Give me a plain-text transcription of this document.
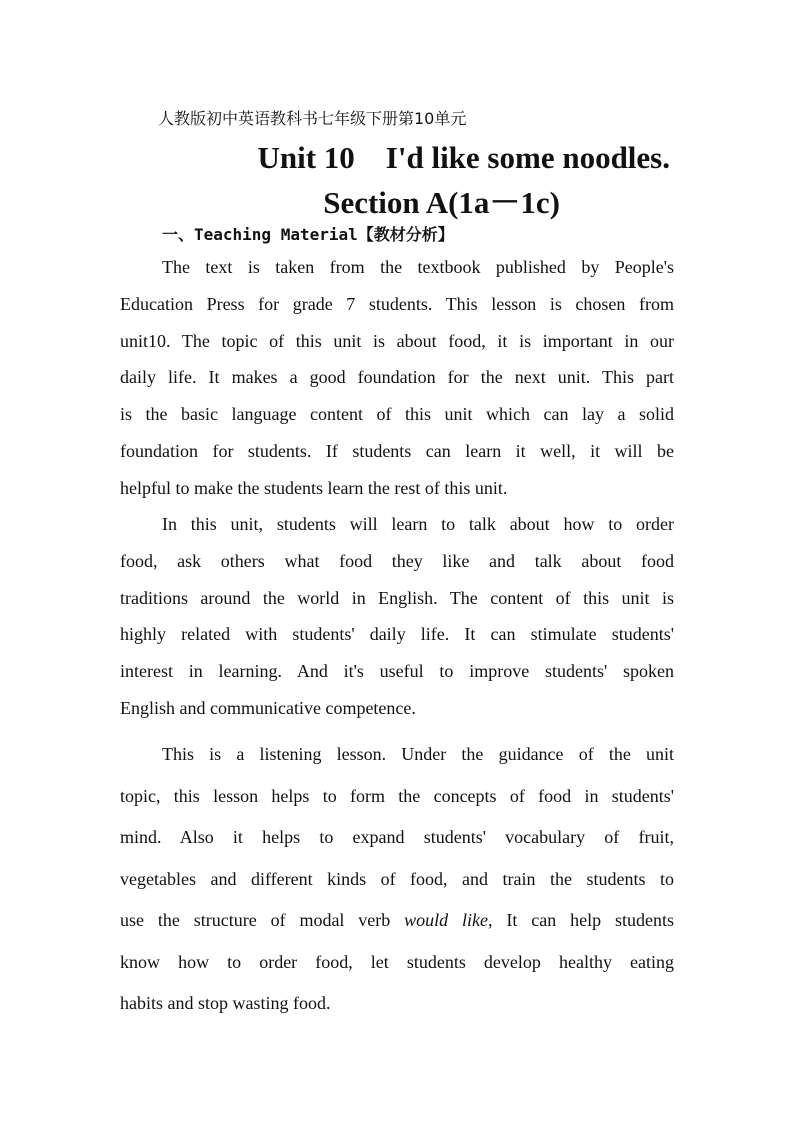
人教版初中英语教科书七年级下册第10单元
Unit 10    I'd like some noodles.
Section A(1a－1c)
一、Teaching Material【教材分析】
The text is taken from the textbook published by People's
Education Press for grade 7 students. This lesson is chosen from
unit10. The topic of this unit is about food, it is important in our
daily life. It makes a good foundation for the next unit. This part
is the basic language content of this unit which can lay a solid
foundation for students. If students can learn it well, it will be
helpful to make the students learn the rest of this unit.
In this unit, students will learn to talk about how to order
food, ask others what food they like and talk about food
traditions around the world in English. The content of this unit is
highly related with students' daily life. It can stimulate students'
interest in learning. And it's useful to improve students' spoken
English and communicative competence.
This is a listening lesson. Under the guidance of the unit
topic, this lesson helps to form the concepts of food in students'
mind. Also it helps to expand students' vocabulary of fruit,
vegetables and different kinds of food, and train the students to
use the structure of modal verb would like, It can help students
know how to order food, let students develop healthy eating
habits and stop wasting food.
